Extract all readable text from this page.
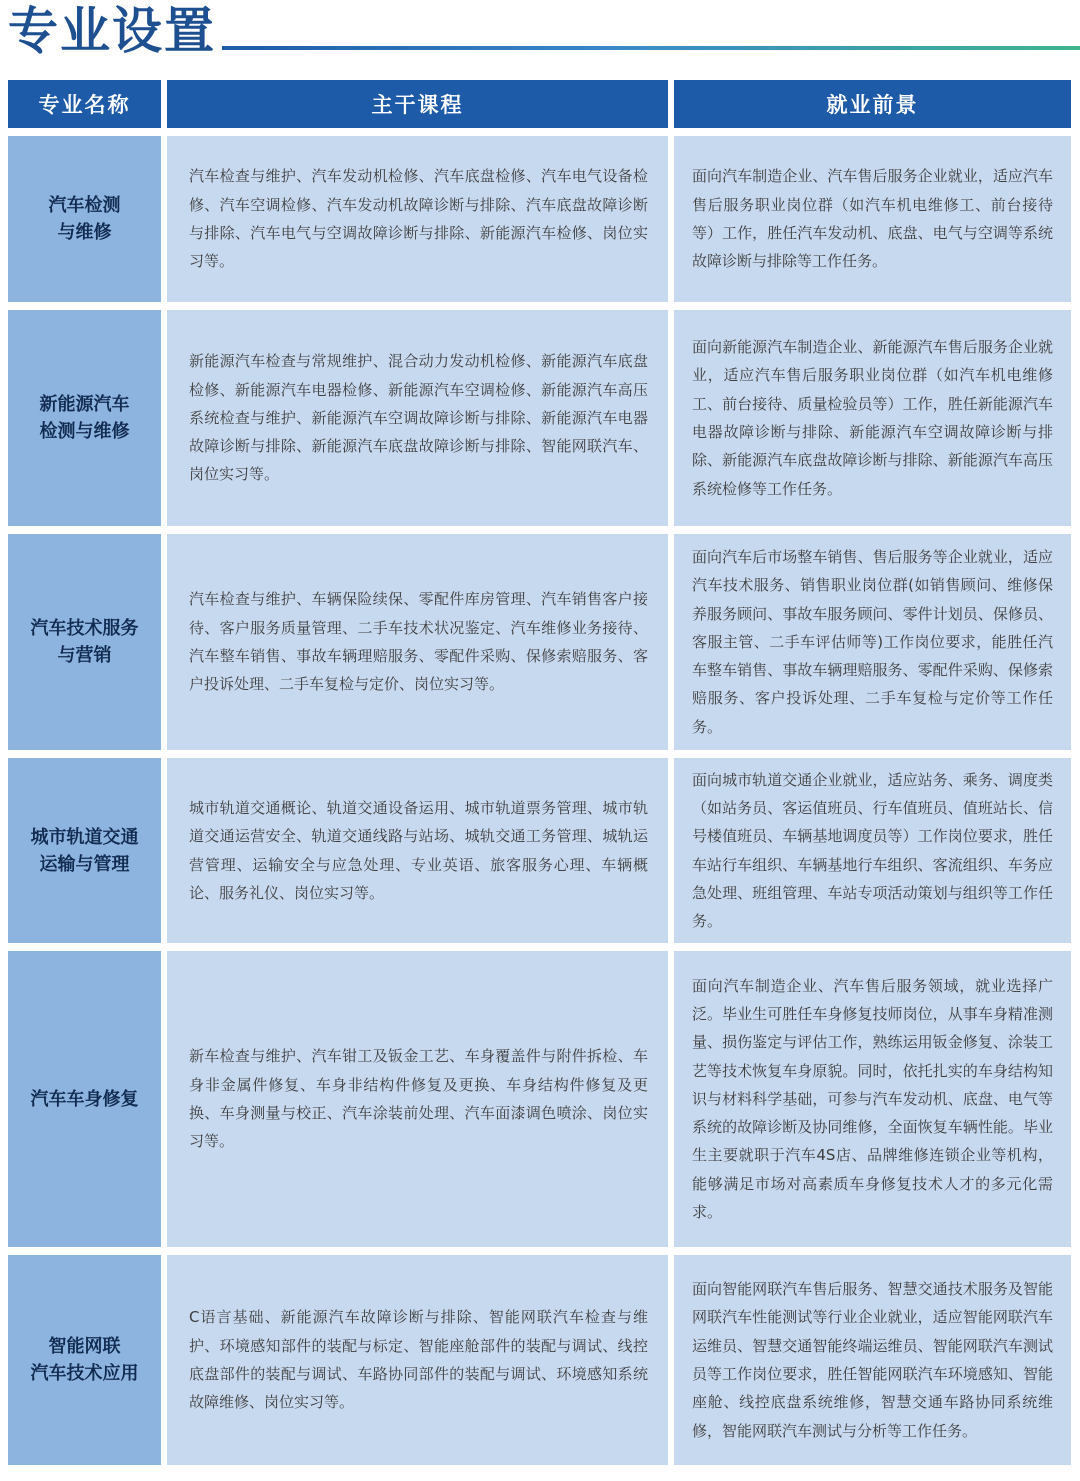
专业设置
专业名称	主干课程	就业前景
汽车检测
与维修
汽车检查与维护、汽车发动机检修、汽车底盘检修、汽车电气设备检修、汽车空调检修、汽车发动机故障诊断与排除、汽车底盘故障诊断与排除、汽车电气与空调故障诊断与排除、新能源汽车检修、岗位实习等。
面向汽车制造企业、汽车售后服务企业就业，适应汽车售后服务职业岗位群（如汽车机电维修工、前台接待等）工作，胜任汽车发动机、底盘、电气与空调等系统故障诊断与排除等工作任务。
新能源汽车
检测与维修
新能源汽车检查与常规维护、混合动力发动机检修、新能源汽车底盘检修、新能源汽车电器检修、新能源汽车空调检修、新能源汽车高压系统检查与维护、新能源汽车空调故障诊断与排除、新能源汽车电器故障诊断与排除、新能源汽车底盘故障诊断与排除、智能网联汽车、岗位实习等。
面向新能源汽车制造企业、新能源汽车售后服务企业就业，适应汽车售后服务职业岗位群（如汽车机电维修工、前台接待、质量检验员等）工作，胜任新能源汽车电器故障诊断与排除、新能源汽车空调故障诊断与排除、新能源汽车底盘故障诊断与排除、新能源汽车高压系统检修等工作任务。
汽车技术服务
与营销
汽车检查与维护、车辆保险续保、零配件库房管理、汽车销售客户接待、客户服务质量管理、二手车技术状况鉴定、汽车维修业务接待、汽车整车销售、事故车辆理赔服务、零配件采购、保修索赔服务、客户投诉处理、二手车复检与定价、岗位实习等。
面向汽车后市场整车销售、售后服务等企业就业，适应汽车技术服务、销售职业岗位群(如销售顾问、维修保养服务顾问、事故车服务顾问、零件计划员、保修员、客服主管、二手车评估师等)工作岗位要求，能胜任汽车整车销售、事故车辆理赔服务、零配件采购、保修索赔服务、客户投诉处理、二手车复检与定价等工作任务。
城市轨道交通
运输与管理
城市轨道交通概论、轨道交通设备运用、城市轨道票务管理、城市轨道交通运营安全、轨道交通线路与站场、城轨交通工务管理、城轨运营管理、运输安全与应急处理、专业英语、旅客服务心理、车辆概论、服务礼仪、岗位实习等。
面向城市轨道交通企业就业，适应站务、乘务、调度类（如站务员、客运值班员、行车值班员、值班站长、信号楼值班员、车辆基地调度员等）工作岗位要求，胜任车站行车组织、车辆基地行车组织、客流组织、车务应急处理、班组管理、车站专项活动策划与组织等工作任务。
汽车车身修复
新车检查与维护、汽车钳工及钣金工艺、车身覆盖件与附件拆检、车身非金属件修复、车身非结构件修复及更换、车身结构件修复及更换、车身测量与校正、汽车涂装前处理、汽车面漆调色喷涂、岗位实习等。
面向汽车制造企业、汽车售后服务领域，就业选择广泛。毕业生可胜任车身修复技师岗位，从事车身精准测量、损伤鉴定与评估工作，熟练运用钣金修复、涂装工艺等技术恢复车身原貌。同时，依托扎实的车身结构知识与材料科学基础，可参与汽车发动机、底盘、电气等系统的故障诊断及协同维修，全面恢复车辆性能。毕业生主要就职于汽车4S店、品牌维修连锁企业等机构，能够满足市场对高素质车身修复技术人才的多元化需求。
智能网联
汽车技术应用
C语言基础、新能源汽车故障诊断与排除、智能网联汽车检查与维护、环境感知部件的装配与标定、智能座舱部件的装配与调试、线控底盘部件的装配与调试、车路协同部件的装配与调试、环境感知系统故障维修、岗位实习等。
面向智能网联汽车售后服务、智慧交通技术服务及智能网联汽车性能测试等行业企业就业，适应智能网联汽车运维员、智慧交通智能终端运维员、智能网联汽车测试员等工作岗位要求，胜任智能网联汽车环境感知、智能座舱、线控底盘系统维修，智慧交通车路协同系统维修，智能网联汽车测试与分析等工作任务。
